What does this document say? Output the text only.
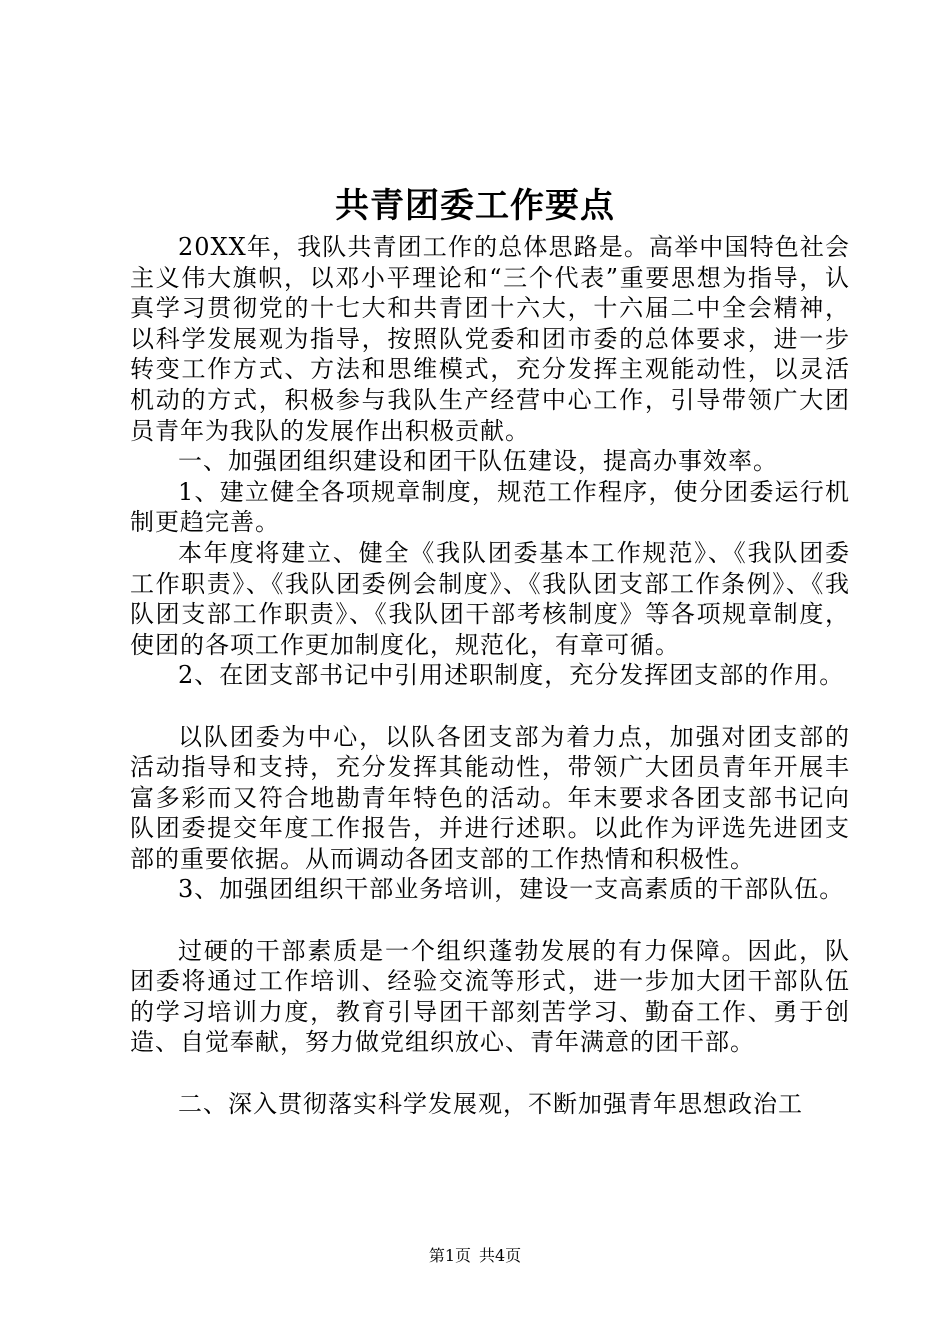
共青团委工作要点

20XX年，我队共青团工作的总体思路是。高举中国特色社会主义伟大旗帜，以邓小平理论和“三个代表”重要思想为指导，认真学习贯彻党的十七大和共青团十六大，十六届二中全会精神，以科学发展观为指导，按照队党委和团市委的总体要求，进一步转变工作方式、方法和思维模式，充分发挥主观能动性，以灵活机动的方式，积极参与我队生产经营中心工作，引导带领广大团员青年为我队的发展作出积极贡献。

一、加强团组织建设和团干队伍建设，提高办事效率。

1、建立健全各项规章制度，规范工作程序，使分团委运行机制更趋完善。

本年度将建立、健全《我队团委基本工作规范》、《我队团委工作职责》、《我队团委例会制度》、《我队团支部工作条例》、《我队团支部工作职责》、《我队团干部考核制度》等各项规章制度，使团的各项工作更加制度化，规范化，有章可循。

2、在团支部书记中引用述职制度，充分发挥团支部的作用。

以队团委为中心，以队各团支部为着力点，加强对团支部的活动指导和支持，充分发挥其能动性，带领广大团员青年开展丰富多彩而又符合地勘青年特色的活动。年末要求各团支部书记向队团委提交年度工作报告，并进行述职。以此作为评选先进团支部的重要依据。从而调动各团支部的工作热情和积极性。

3、加强团组织干部业务培训，建设一支高素质的干部队伍。

过硬的干部素质是一个组织蓬勃发展的有力保障。因此，队团委将通过工作培训、经验交流等形式，进一步加大团干部队伍的学习培训力度，教育引导团干部刻苦学习、勤奋工作、勇于创造、自觉奉献，努力做党组织放心、青年满意的团干部。

二、深入贯彻落实科学发展观，不断加强青年思想政治工

第1页 共4页
